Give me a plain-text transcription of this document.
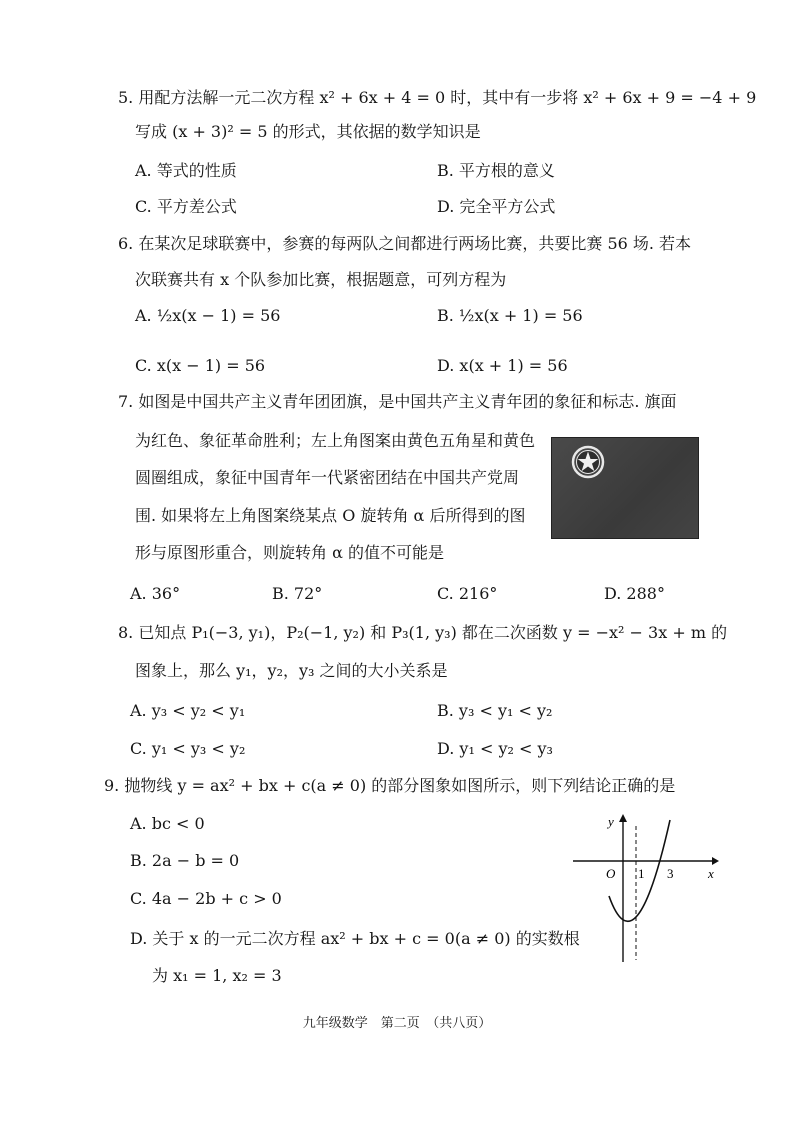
5. 用配方法解一元二次方程 x² + 6x + 4 = 0 时，其中有一步将 x² + 6x + 9 = −4 + 9
写成 (x + 3)² = 5 的形式，其依据的数学知识是
A. 等式的性质	B. 平方根的意义
C. 平方差公式	D. 完全平方公式
6. 在某次足球联赛中，参赛的每两队之间都进行两场比赛，共要比赛 56 场. 若本
次联赛共有 x 个队参加比赛，根据题意，可列方程为
A. ½x(x − 1) = 56	B. ½x(x + 1) = 56
C. x(x − 1) = 56	D. x(x + 1) = 56
7. 如图是中国共产主义青年团团旗，是中国共产主义青年团的象征和标志. 旗面
为红色、象征革命胜利；左上角图案由黄色五角星和黄色
圆圈组成，象征中国青年一代紧密团结在中国共产党周
围. 如果将左上角图案绕某点 O 旋转角 α 后所得到的图
形与原图形重合，则旋转角 α 的值不可能是
A. 36°	B. 72°	C. 216°	D. 288°
8. 已知点 P₁(−3, y₁)，P₂(−1, y₂) 和 P₃(1, y₃) 都在二次函数 y = −x² − 3x + m 的
图象上，那么 y₁，y₂，y₃ 之间的大小关系是
A. y₃ < y₂ < y₁	B. y₃ < y₁ < y₂
C. y₁ < y₃ < y₂	D. y₁ < y₂ < y₃
9. 抛物线 y = ax² + bx + c(a ≠ 0) 的部分图象如图所示，则下列结论正确的是
A. bc < 0
B. 2a − b = 0
C. 4a − 2b + c > 0
D. 关于 x 的一元二次方程 ax² + bx + c = 0(a ≠ 0) 的实数根
为 x₁ = 1, x₂ = 3
y
x
O 1 3
九年级数学　第二页　（共八页）
